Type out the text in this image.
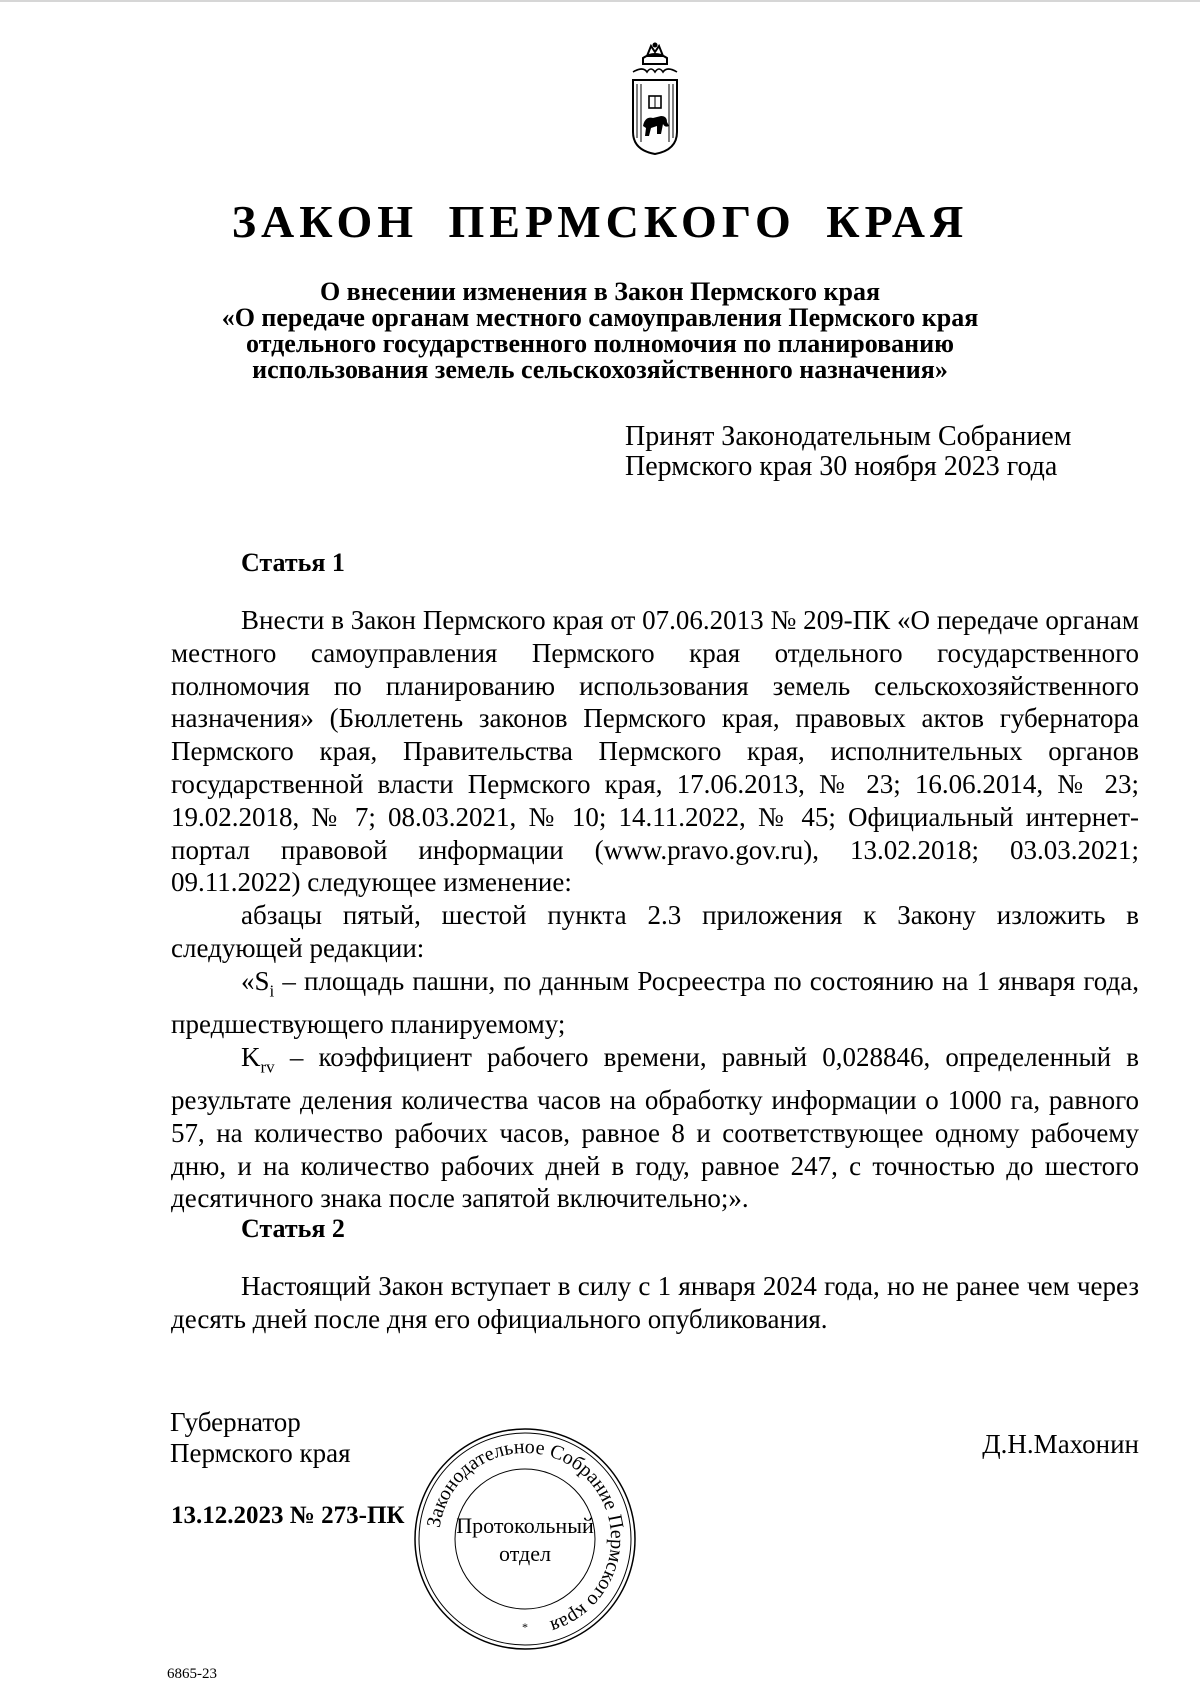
ЗАКОН ПЕРМСКОГО КРАЯ
О внесении изменения в Закон Пермского края
«О передаче органам местного самоуправления Пермского края
отдельного государственного полномочия по планированию
использования земель сельскохозяйственного назначения»
Принят Законодательным Собранием
Пермского края 30 ноября 2023 года
Статья 1

Внести в Закон Пермского края от 07.06.2013 № 209-ПК «О передаче органам местного самоуправления Пермского края отдельного государственного полномочия по планированию использования земель сельскохозяйственного назначения» (Бюллетень законов Пермского края, правовых актов губернатора Пермского края, Правительства Пермского края, исполнительных органов государственной власти Пермского края, 17.06.2013, № 23; 16.06.2014, № 23; 19.02.2018, № 7; 08.03.2021, № 10; 14.11.2022, № 45; Официальный интернет-портал правовой информации (www.pravo.gov.ru), 13.02.2018; 03.03.2021; 09.11.2022) следующее изменение:

абзацы пятый, шестой пункта 2.3 приложения к Закону изложить в следующей редакции:

«$S_i$ – площадь пашни, по данным Росреестра по состоянию на 1 января года, предшествующего планируемому;

$K_{rv}$ – коэффициент рабочего времени, равный 0,028846, определенный в результате деления количества часов на обработку информации о 1000 га, равного 57, на количество рабочих часов, равное 8 и соответствующее одному рабочему дню, и на количество рабочих дней в году, равное 247, с точностью до шестого десятичного знака после запятой включительно;».

Статья 2

Настоящий Закон вступает в силу с 1 января 2024 года, но не ранее чем через десять дней после дня его официального опубликования.

Губернатор
Пермского края	Д.Н.Махонин
13.12.2023 № 273-ПК Законодательное Собрание Пермского края
Протокольный
отдел
*
6865-23
